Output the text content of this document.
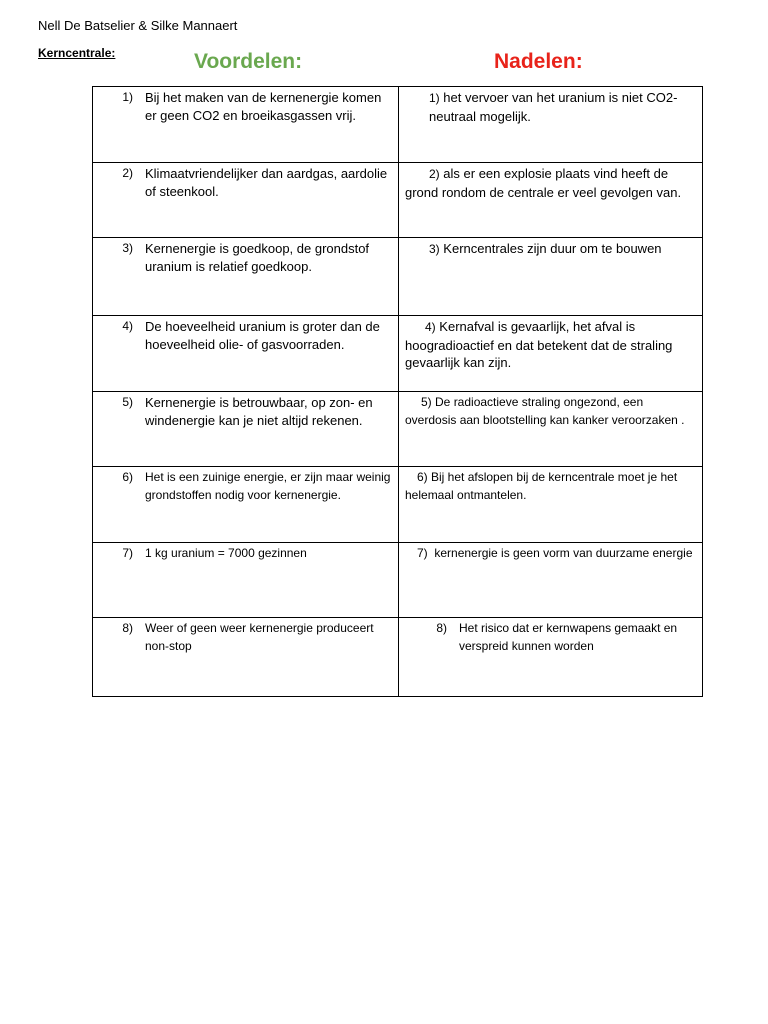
Nell De Batselier & Silke Mannaert
Kerncentrale:	Voordelen:	Nadelen:
1) Bij het maken van de kernenergie komen er geen CO2 en broeikasgassen vrij.	1) het vervoer van het uranium is niet CO2-neutraal mogelijk.

2) Klimaatvriendelijker dan aardgas, aardolie of steenkool.	2) als er een explosie plaats vind heeft de grond rondom de centrale er veel gevolgen van.

3) Kernenergie is goedkoop, de grondstof uranium is relatief goedkoop.	3) Kerncentrales zijn duur om te bouwen

4) De hoeveelheid uranium is groter dan de hoeveelheid olie- of gasvoorraden.	4) Kernafval is gevaarlijk, het afval is hoogradioactief en dat betekent dat de straling gevaarlijk kan zijn.

5) Kernenergie is betrouwbaar, op zon- en windenergie kan je niet altijd rekenen.	5) De radioactieve straling ongezond, een overdosis aan blootstelling kan kanker veroorzaken .

6) Het is een zuinige energie, er zijn maar weinig grondstoffen nodig voor kernenergie.	6) Bij het afslopen bij de kerncentrale moet je het helemaal ontmantelen.

7) 1 kg uranium = 7000 gezinnen	7) kernenergie is geen vorm van duurzame energie

8) Weer of geen weer kernenergie produceert non-stop	8) Het risico dat er kernwapens gemaakt en verspreid kunnen worden
